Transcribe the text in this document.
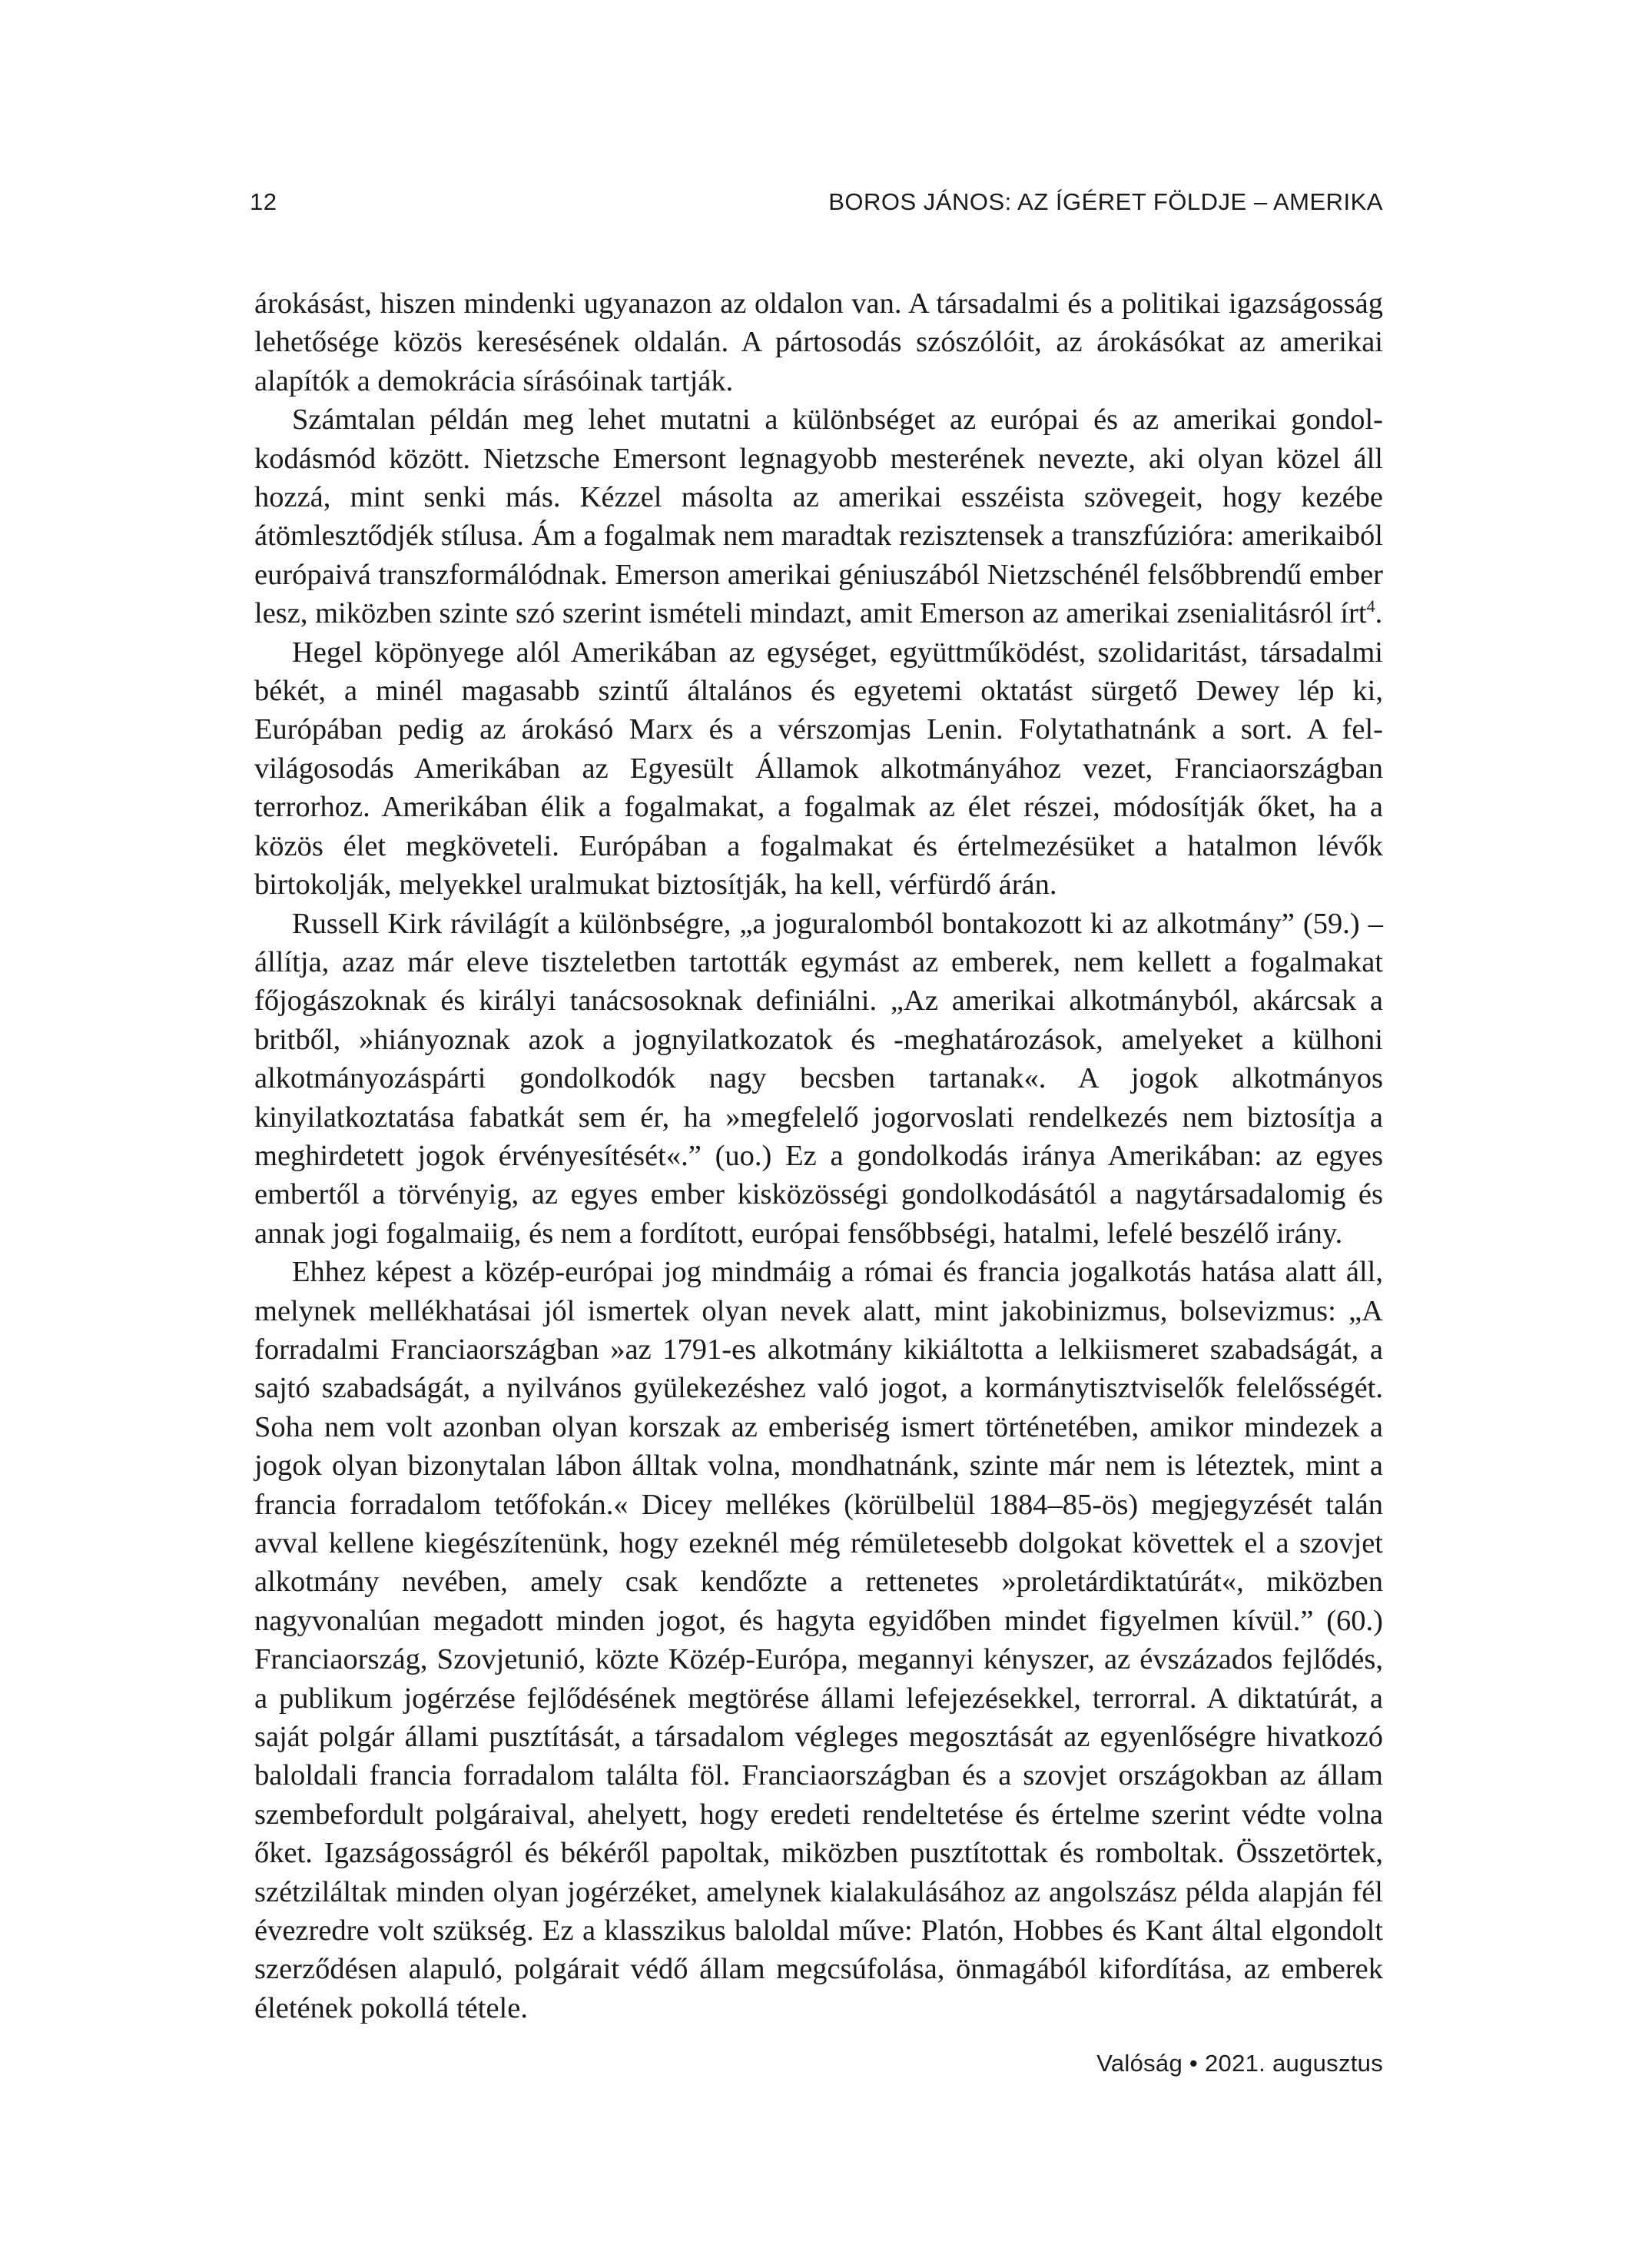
12	BOROS JÁNOS: AZ ÍGÉRET FÖLDJE – AMERIKA

árokásást, hiszen mindenki ugyanazon az oldalon van. A társadalmi és a politikai igazságosság lehetősége közös keresésének oldalán. A pártosodás szószólóit, az árokásókat az amerikai alapítók a demokrácia sírásóinak tartják.

Számtalan példán meg lehet mutatni a különbséget az európai és az amerikai gondolkodásmód között. Nietzsche Emersont legnagyobb mesterének nevezte, aki olyan közel áll hozzá, mint senki más. Kézzel másolta az amerikai esszéista szövegeit, hogy kezébe átömlesztődjék stílusa. Ám a fogalmak nem maradtak rezisztensek a transzfúzióra: amerikaiból európaivá transzformálódnak. Emerson amerikai géniuszából Nietzschénél felsőbbrendű ember lesz, miközben szinte szó szerint ismételi mindazt, amit Emerson az amerikai zsenialitásról írt$^4$.

Hegel köpönyege alól Amerikában az egységet, együttműködést, szolidaritást, társadalmi békét, a minél magasabb szintű általános és egyetemi oktatást sürgető Dewey lép ki, Európában pedig az árokásó Marx és a vérszomjas Lenin. Folytathatnánk a sort. A felvilágosodás Amerikában az Egyesült Államok alkotmányához vezet, Franciaországban terrorhoz. Amerikában élik a fogalmakat, a fogalmak az élet részei, módosítják őket, ha a közös élet megköveteli. Európában a fogalmakat és értelmezésüket a hatalmon lévők birtokolják, melyekkel uralmukat biztosítják, ha kell, vérfürdő árán.

Russell Kirk rávilágít a különbségre, „a joguralomból bontakozott ki az alkotmány” (59.) – állítja, azaz már eleve tiszteletben tartották egymást az emberek, nem kellett a fogalmakat főjogászoknak és királyi tanácsosoknak definiálni. „Az amerikai alkotmányból, akárcsak a britből, »hiányoznak azok a jognyilatkozatok és -meghatározások, amelyeket a külhoni alkotmányozáspárti gondolkodók nagy becsben tartanak«. A jogok alkotmányos kinyilatkoztatása fabatkát sem ér, ha »megfelelő jogorvoslati rendelkezés nem biztosítja a meghirdetett jogok érvényesítését«.” (uo.) Ez a gondolkodás iránya Amerikában: az egyes embertől a törvényig, az egyes ember kisközösségi gondolkodásától a nagytársadalomig és annak jogi fogalmaiig, és nem a fordított, európai fensőbbségi, hatalmi, lefelé beszélő irány.

Ehhez képest a közép-európai jog mindmáig a római és francia jogalkotás hatása alatt áll, melynek mellékhatásai jól ismertek olyan nevek alatt, mint jakobinizmus, bolsevizmus: „A forradalmi Franciaországban »az 1791-es alkotmány kikiáltotta a lelkiismeret szabadságát, a sajtó szabadságát, a nyilvános gyülekezéshez való jogot, a kormánytisztviselők felelősségét. Soha nem volt azonban olyan korszak az emberiség ismert történetében, amikor mindezek a jogok olyan bizonytalan lábon álltak volna, mondhatnánk, szinte már nem is léteztek, mint a francia forradalom tetőfokán.« Dicey mellékes (körülbelül 1884–85-ös) megjegyzését talán avval kellene kiegészítenünk, hogy ezeknél még rémületesebb dolgokat követtek el a szovjet alkotmány nevében, amely csak kendőzte a rettenetes »proletárdiktatúrát«, miközben nagyvonalúan megadott minden jogot, és hagyta egyidőben mindet figyelmen kívül.” (60.) Franciaország, Szovjetunió, közte Közép-Európa, megannyi kényszer, az évszázados fejlődés, a publikum jogérzése fejlődésének megtörése állami lefejezésekkel, terrorral. A diktatúrát, a saját polgár állami pusztítását, a társadalom végleges megosztását az egyenlőségre hivatkozó baloldali francia forradalom találta föl. Franciaországban és a szovjet országokban az állam szembefordult polgáraival, ahelyett, hogy eredeti rendeltetése és értelme szerint védte volna őket. Igazságosságról és békéről papoltak, miközben pusztítottak és romboltak. Összetörtek, szétziláltak minden olyan jogérzéket, amelynek kialakulásához az angolszász példa alapján fél évezredre volt szükség. Ez a klasszikus baloldal műve: Platón, Hobbes és Kant által elgondolt szerződésen alapuló, polgárait védő állam megcsúfolása, önmagából kifordítása, az emberek életének pokollá tétele.

Valóság • 2021. augusztus
